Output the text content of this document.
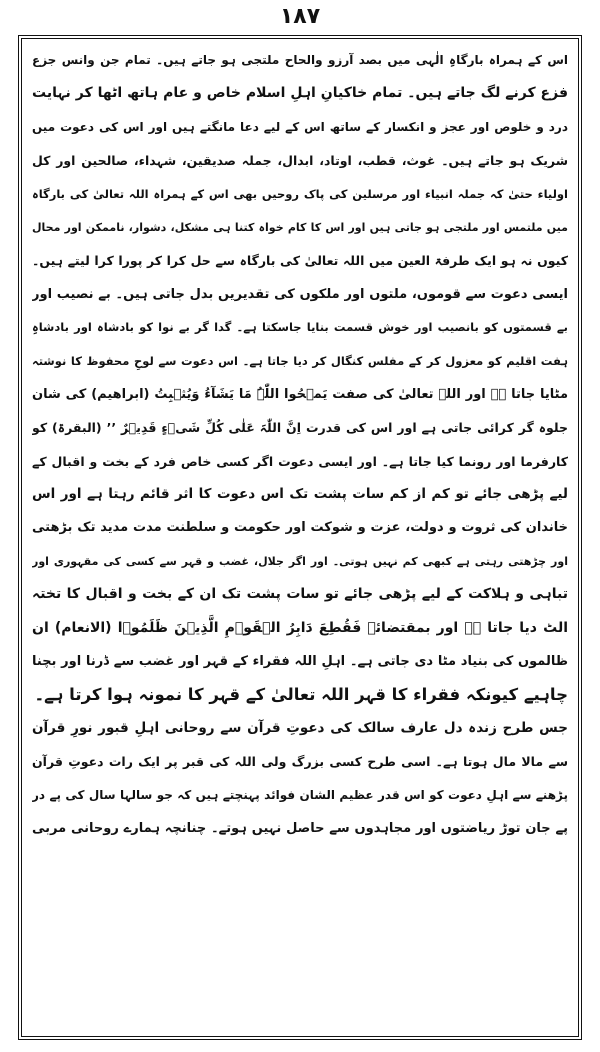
۱۸۷
اس کے ہمراہ بارگاہِ الٰہی میں بصد آرزو والحاح ملتجی ہو جاتے ہیں۔ تمام جن وانس جزع
فزع کرنے لگ جاتے ہیں۔ تمام خاکیانِ اہلِ اسلام خاص و عام ہاتھ اٹھا کر نہایت
درد و خلوص اور عجز و انکسار کے ساتھ اس کے لیے دعا مانگتے ہیں اور اس کی دعوت میں
شریک ہو جاتے ہیں۔ غوث، قطب، اوتاد، ابدال، جملہ صدیقین، شہداء، صالحین اور کل
اولیاء حتیٰ کہ جملہ انبیاء اور مرسلین کی پاک روحیں بھی اس کے ہمراہ اللہ تعالیٰ کی بارگاہ
میں ملتمس اور ملتجی ہو جاتی ہیں اور اس کا کام خواہ کتنا ہی مشکل، دشوار، ناممکن اور محال
کیوں نہ ہو ایک طرفۃ العین میں اللہ تعالیٰ کی بارگاہ سے حل کرا کر پورا کرا لیتے ہیں۔
ایسی دعوت سے قوموں، ملتوں اور ملکوں کی تقدیریں بدل جاتی ہیں۔ بے نصیب اور
بے قسمتوں کو بانصیب اور خوش قسمت بنایا جاسکتا ہے۔ گدا گر بے نوا کو بادشاہ اور بادشاہِ
ہفت اقلیم کو معزول کر کے مفلس کنگال کر دیا جاتا ہے۔ اس دعوت سے لوحِ محفوظ کا نوشتہ
مٹایا جاتا ہے اور اللہ تعالیٰ کی صفت یَمۡحُوا اللّٰہُ مَا یَشَآءُ وَیُثۡبِتُ (ابراھیم) کی شان
جلوہ گر کرائی جاتی ہے اور اس کی قدرت اِنَّ اللّٰہَ عَلٰی کُلِّ شَیۡءٍ قَدِیۡرٌ ’’ (البقرۃ) کو
کارفرما اور رونما کیا جاتا ہے۔ اور ایسی دعوت اگر کسی خاص فرد کے بخت و اقبال کے
لیے پڑھی جائے تو کم از کم سات پشت تک اس دعوت کا اثر قائم رہتا ہے اور اس
خاندان کی ثروت و دولت، عزت و شوکت اور حکومت و سلطنت مدت مدید تک بڑھتی
اور چڑھتی رہتی ہے کبھی کم نہیں ہوتی۔ اور اگر جلال، غضب و قہر سے کسی کی مقہوری اور
تباہی و ہلاکت کے لیے پڑھی جائے تو سات پشت تک ان کے بخت و اقبال کا تختہ
الٹ دیا جاتا ہے اور بمقتضائے فَقُطِعَ دَابِرُ الۡقَوۡمِ الَّذِیۡنَ ظَلَمُوۡا (الانعام) ان
ظالموں کی بنیاد مٹا دی جاتی ہے۔ اہلِ اللہ فقراء کے قہر اور غضب سے ڈرنا اور بچنا
چاہیے کیونکہ فقراء کا قہر اللہ تعالیٰ کے قہر کا نمونہ ہوا کرتا ہے۔
جس طرح زندہ دل عارف سالک کی دعوتِ قرآن سے روحانی اہلِ قبور نورِ قرآن
سے مالا مال ہوتا ہے۔ اسی طرح کسی بزرگ ولی اللہ کی قبر پر ایک رات دعوتِ قرآن
پڑھنے سے اہلِ دعوت کو اس قدر عظیم الشان فوائد پہنچتے ہیں کہ جو سالہا سال کی پے در
پے جان توڑ ریاضتوں اور مجاہدوں سے حاصل نہیں ہوتے۔ چنانچہ ہمارے روحانی مربی
